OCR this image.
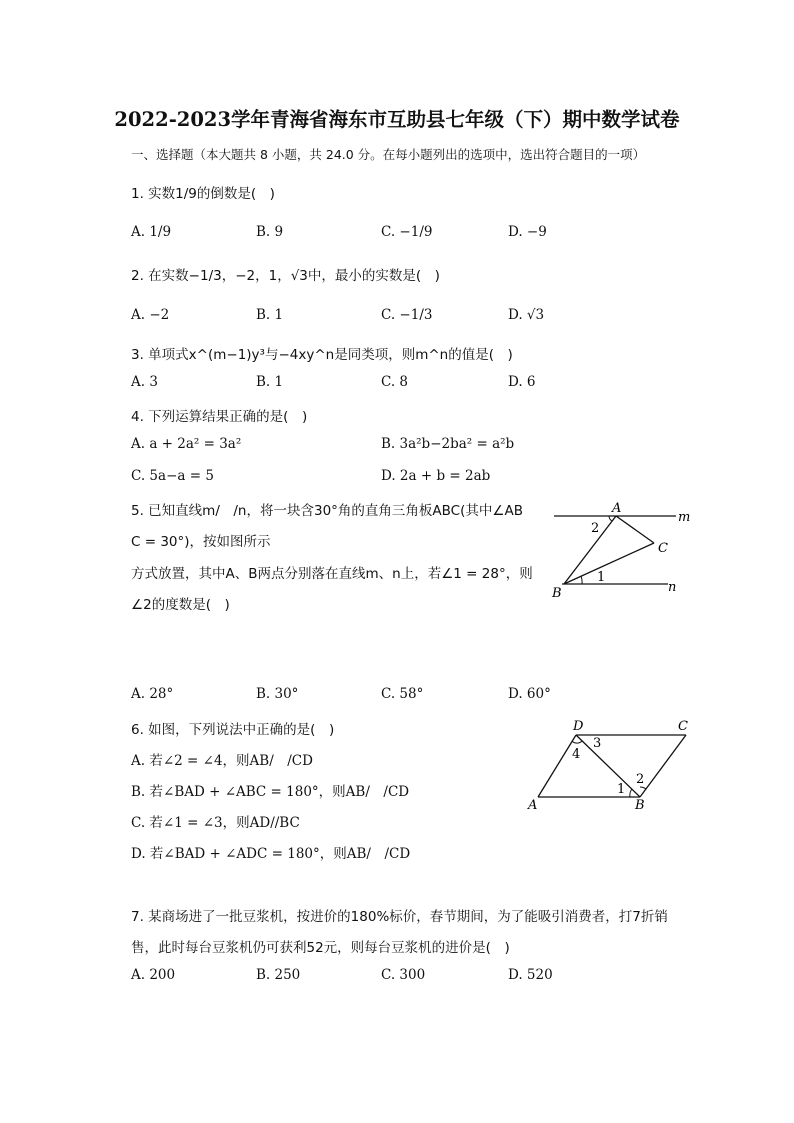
2022-2023学年青海省海东市互助县七年级（下）期中数学试卷
一、选择题（本大题共 8 小题，共 24.0 分。在每小题列出的选项中，选出符合题目的一项）
1. 实数1/9的倒数是(　)
A. 1/9	B. 9	C. −1/9	D. −9
2. 在实数−1/3，−2，1，√3中，最小的实数是(　)
A. −2	B. 1	C. −1/3	D. √3
3. 单项式x^(m−1)y³与−4xy^n是同类项，则m^n的值是(　)
A. 3	B. 1	C. 8	D. 6
4. 下列运算结果正确的是(　)
A. a + 2a² = 3a²	B. 3a²b−2ba² = a²b
C. 5a−a = 5	D. 2a + b = 2ab
5. 已知直线m/　/n，将一块含30°角的直角三角板ABC(其中∠AB
C = 30°)，按如图所示
方式放置，其中A、B两点分别落在直线m、n上，若∠1 = 28°，则
∠2的度数是(　)
A
m
C
n
B
1
2
A. 28°	B. 30°	C. 58°	D. 60°
6. 如图，下列说法中正确的是(　)
A. 若∠2 = ∠4，则AB/　/CD
B. 若∠BAD + ∠ABC = 180°，则AB/　/CD
C. 若∠1 = ∠3，则AD//BC
D. 若∠BAD + ∠ADC = 180°，则AB/　/CD
D	C
A	B
3
4
2
1
7. 某商场进了一批豆浆机，按进价的180%标价，春节期间，为了能吸引消费者，打7折销
售，此时每台豆浆机仍可获利52元，则每台豆浆机的进价是(　)
A. 200	B. 250	C. 300	D. 520
